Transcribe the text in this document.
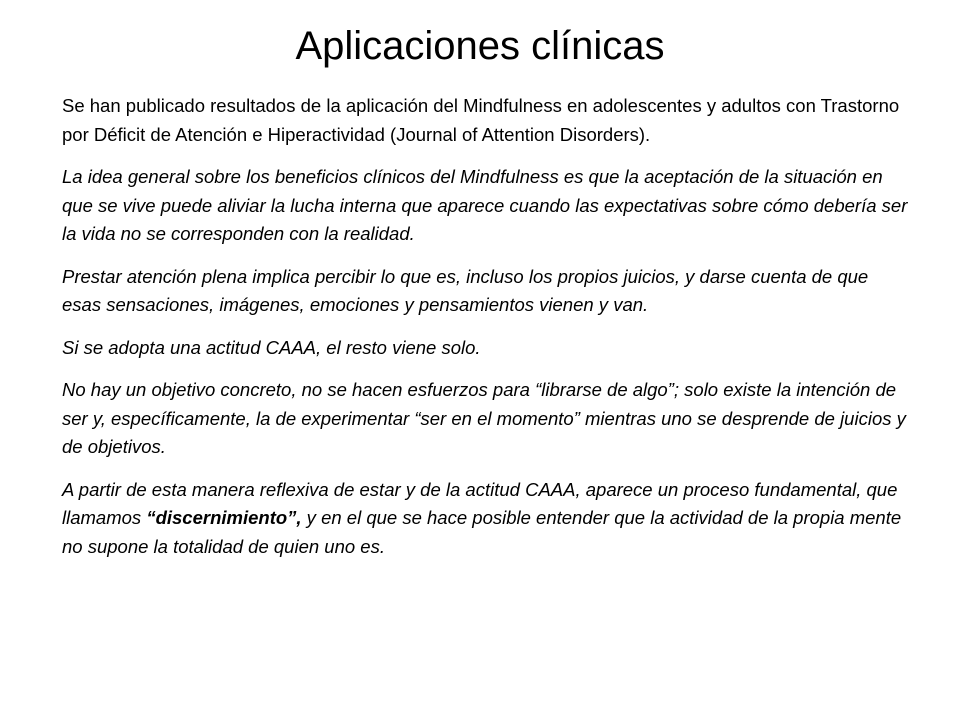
Aplicaciones clínicas

Se han publicado resultados de la aplicación del Mindfulness en adolescentes y adultos con Trastorno por Déficit de Atención e Hiperactividad (Journal of Attention Disorders).

La idea general sobre los beneficios clínicos del Mindfulness es que la aceptación de la situación en que se vive puede aliviar la lucha interna que aparece cuando las expectativas sobre cómo debería ser la vida no se corresponden con la realidad.

Prestar atención plena implica percibir lo que es, incluso los propios juicios, y darse cuenta de que esas sensaciones, imágenes, emociones y pensamientos vienen y van.

Si se adopta una actitud CAAA, el resto viene solo.

No hay un objetivo concreto, no se hacen esfuerzos para “librarse de algo”; solo existe la intención de ser y, específicamente, la de experimentar “ser en el momento” mientras uno se desprende de juicios y de objetivos.

A partir de esta manera reflexiva de estar y de la actitud CAAA, aparece un proceso fundamental, que llamamos “discernimiento”, y en el que se hace posible entender que la actividad de la propia mente no supone la totalidad de quien uno es.
